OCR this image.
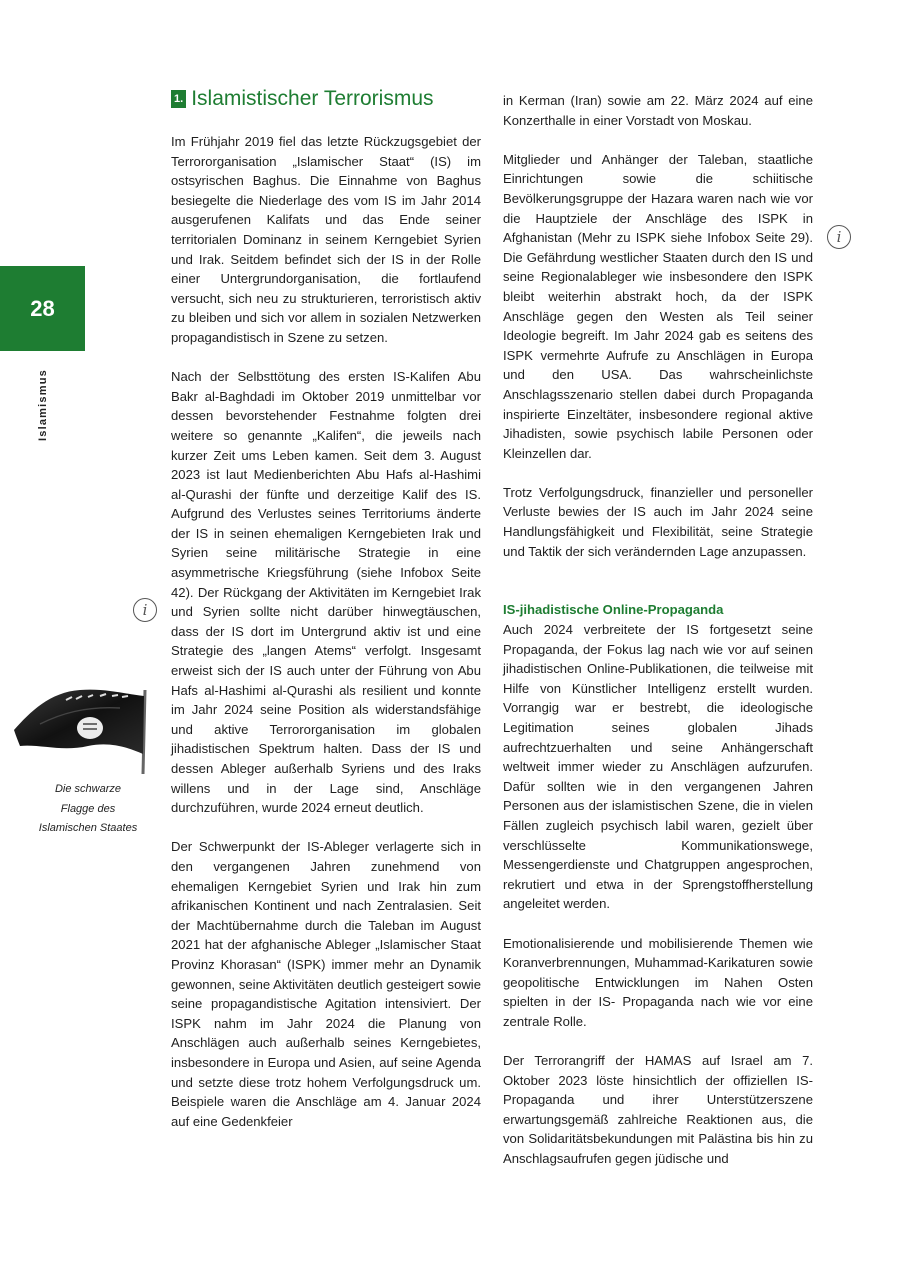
28
Islamismus
i
i
Die schwarze
Flagge des
Islamischen Staates
1. Islamistischer Terrorismus

Im Frühjahr 2019 fiel das letzte Rückzugsgebiet der Terrororganisation „Islamischer Staat“ (IS) im ostsyrischen Baghus. Die Einnahme von Baghus besiegelte die Niederlage des vom IS im Jahr 2014 ausgerufenen Kalifats und das Ende seiner territorialen Dominanz in seinem Kerngebiet Syrien und Irak. Seitdem befindet sich der IS in der Rolle einer Untergrundorganisation, die fortlaufend versucht, sich neu zu strukturieren, terroristisch aktiv zu bleiben und sich vor allem in sozialen Netzwerken propagandistisch in Szene zu setzen.

Nach der Selbsttötung des ersten IS-Kalifen Abu Bakr al-Baghdadi im Oktober 2019 unmittelbar vor dessen bevorstehender Festnahme folgten drei weitere so genannte „Kalifen“, die jeweils nach kurzer Zeit ums Leben kamen. Seit dem 3. August 2023 ist laut Medienberichten Abu Hafs al-Hashimi al-Qurashi der fünfte und derzeitige Kalif des IS. Aufgrund des Verlustes seines Territoriums änderte der IS in seinen ehemaligen Kerngebieten Irak und Syrien seine militärische Strategie in eine asymmetrische Kriegsführung (siehe Infobox Seite 42). Der Rückgang der Aktivitäten im Kerngebiet Irak und Syrien sollte nicht darüber hinwegtäuschen, dass der IS dort im Untergrund aktiv ist und eine Strategie des „langen Atems“ verfolgt. Insgesamt erweist sich der IS auch unter der Führung von Abu Hafs al-Hashimi al-Qurashi als resilient und konnte im Jahr 2024 seine Position als widerstandsfähige und aktive Terrororganisation im globalen jihadistischen Spektrum halten. Dass der IS und dessen Ableger außerhalb Syriens und des Iraks willens und in der Lage sind, Anschläge durchzuführen, wurde 2024 erneut deutlich.

Der Schwerpunkt der IS-Ableger verlagerte sich in den vergangenen Jahren zunehmend von ehemaligen Kerngebiet Syrien und Irak hin zum afrikanischen Kontinent und nach Zentralasien. Seit der Machtübernahme durch die Taleban im August 2021 hat der afghanische Ableger „Islamischer Staat Provinz Khorasan“ (ISPK) immer mehr an Dynamik gewonnen, seine Aktivitäten deutlich gesteigert sowie seine propagandistische Agitation intensiviert. Der ISPK nahm im Jahr 2024 die Planung von Anschlägen auch außerhalb seines Kerngebietes, insbesondere in Europa und Asien, auf seine Agenda und setzte diese trotz hohem Verfolgungsdruck um. Beispiele waren die Anschläge am 4. Januar 2024 auf eine Gedenkfeier

in Kerman (Iran) sowie am 22. März 2024 auf eine Konzerthalle in einer Vorstadt von Moskau.

Mitglieder und Anhänger der Taleban, staatliche Einrichtungen sowie die schiitische Bevölkerungsgruppe der Hazara waren nach wie vor die Hauptziele der Anschläge des ISPK in Afghanistan (Mehr zu ISPK siehe Infobox Seite 29). Die Gefährdung westlicher Staaten durch den IS und seine Regionalableger wie insbesondere den ISPK bleibt weiterhin abstrakt hoch, da der ISPK Anschläge gegen den Westen als Teil seiner Ideologie begreift. Im Jahr 2024 gab es seitens des ISPK vermehrte Aufrufe zu Anschlägen in Europa und den USA. Das wahrscheinlichste Anschlagsszenario stellen dabei durch Propaganda inspirierte Einzeltäter, insbesondere regional aktive Jihadisten, sowie psychisch labile Personen oder Kleinzellen dar.

Trotz Verfolgungsdruck, finanzieller und personeller Verluste bewies der IS auch im Jahr 2024 seine Handlungsfähigkeit und Flexibilität, seine Strategie und Taktik der sich verändernden Lage anzupassen.

IS-jihadistische Online-Propaganda

Auch 2024 verbreitete der IS fortgesetzt seine Propaganda, der Fokus lag nach wie vor auf seinen jihadistischen Online-Publikationen, die teilweise mit Hilfe von Künstlicher Intelligenz erstellt wurden. Vorrangig war er bestrebt, die ideologische Legitimation seines globalen Jihads aufrechtzuerhalten und seine Anhängerschaft weltweit immer wieder zu Anschlägen aufzurufen. Dafür sollten wie in den vergangenen Jahren Personen aus der islamistischen Szene, die in vielen Fällen zugleich psychisch labil waren, gezielt über verschlüsselte Kommunikationswege, Messengerdienste und Chatgruppen angesprochen, rekrutiert und etwa in der Sprengstoffherstellung angeleitet werden.

Emotionalisierende und mobilisierende Themen wie Koranverbrennungen, Muhammad-Karikaturen sowie geopolitische Entwicklungen im Nahen Osten spielten in der IS- Propaganda nach wie vor eine zentrale Rolle.

Der Terrorangriff der HAMAS auf Israel am 7. Oktober 2023 löste hinsichtlich der offiziellen IS-Propaganda und ihrer Unterstützerszene erwartungsgemäß zahlreiche Reaktionen aus, die von Solidaritätsbekundungen mit Palästina bis hin zu Anschlagsaufrufen gegen jüdische und
